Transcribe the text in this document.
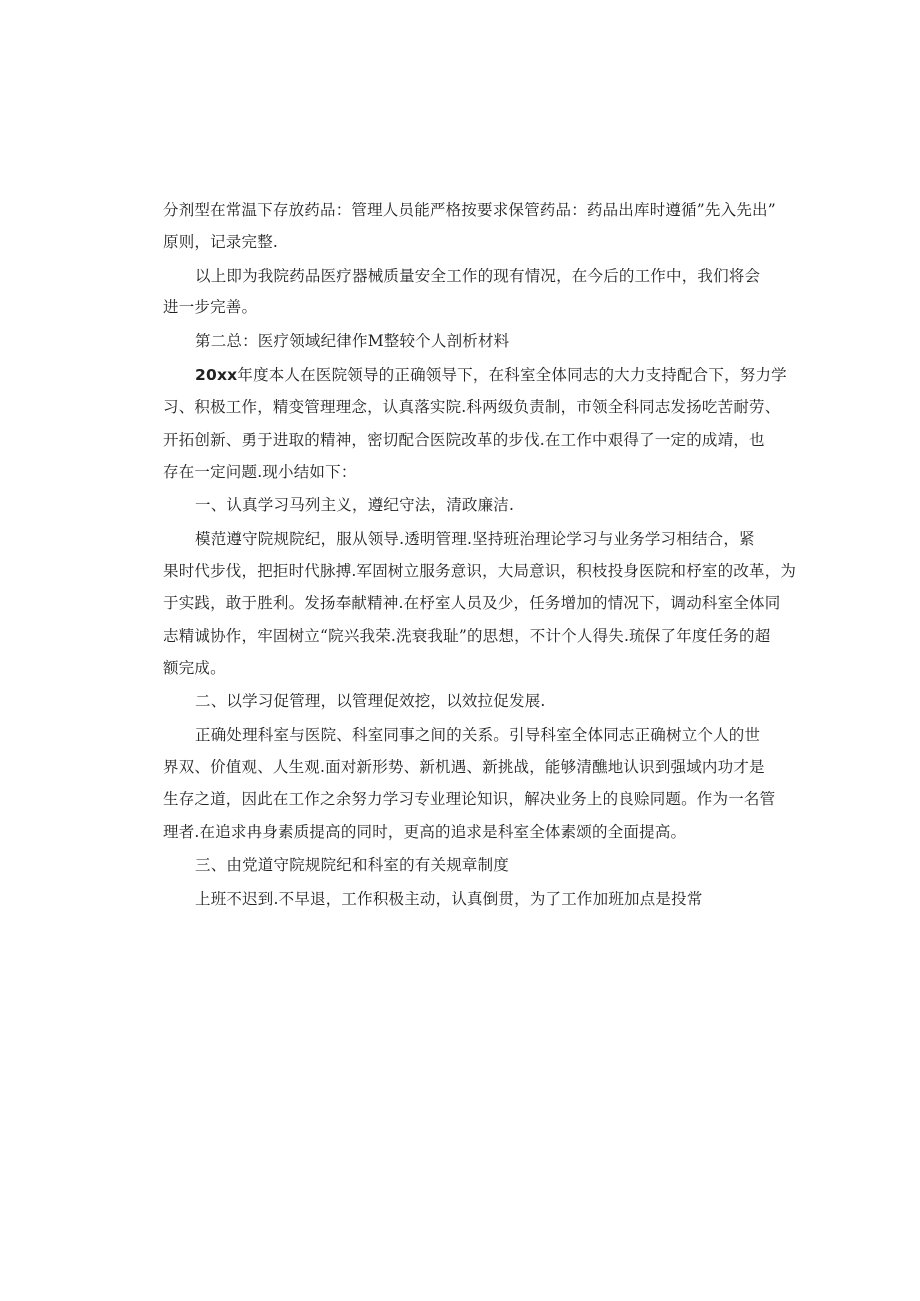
分剂型在常温下存放药品：管理人员能严格按要求保管药品：药品出库时遵循”先入先出”
原则，记录完整.
以上即为我院药品医疗器械质量安全工作的现有情况，在今后的工作中，我们将会
进一步完善。
第二总：医疗领域纪律作M整较个人剖析材料
20xx年度本人在医院领导的正确领导下，在科室全体同志的大力支持配合下，努力学
习、积极工作，精变管理理念，认真落实院.科两级负责制，市领全科同志发扬吃苦耐劳、
开拓创新、勇于进取的精神，密切配合医院改革的步伐.在工作中艰得了一定的成靖，也
存在一定问题.现小结如下：
一、认真学习马列主义，遵纪守法，清政廉洁.
模范遵守院规院纪，服从领导.透明管理.坚持班治理论学习与业务学习相结合，紧
果时代步伐，把拒时代脉搏.军固树立服务意识，大局意识，积枝投身医院和杼室的改革，为
于实践，敢于胜利。发扬奉献精神.在杼室人员及少，任务增加的情况下，调动科室全体同
志精诚协作，牢固树立“院兴我荣.洗衰我耻”的思想，不计个人得失.琉保了年度任务的超
额完成。
二、以学习促管理，以管理促效挖，以效拉促发展.
正确处理科室与医院、科室同事之间的关系。引导科室全体同志正确树立个人的世
界双、价值观、人生观.面对新形势、新机遇、新挑战，能够清醮地认识到强域内功才是
生存之道，因此在工作之余努力学习专业理论知识，解决业务上的良赊同题。作为一名管
理者.在追求冉身素质提高的同时，更高的追求是科室全体素颂的全面提高。
三、由党道守院规院纪和科室的有关规章制度
上班不迟到.不早退，工作积极主动，认真倒贯，为了工作加班加点是投常
